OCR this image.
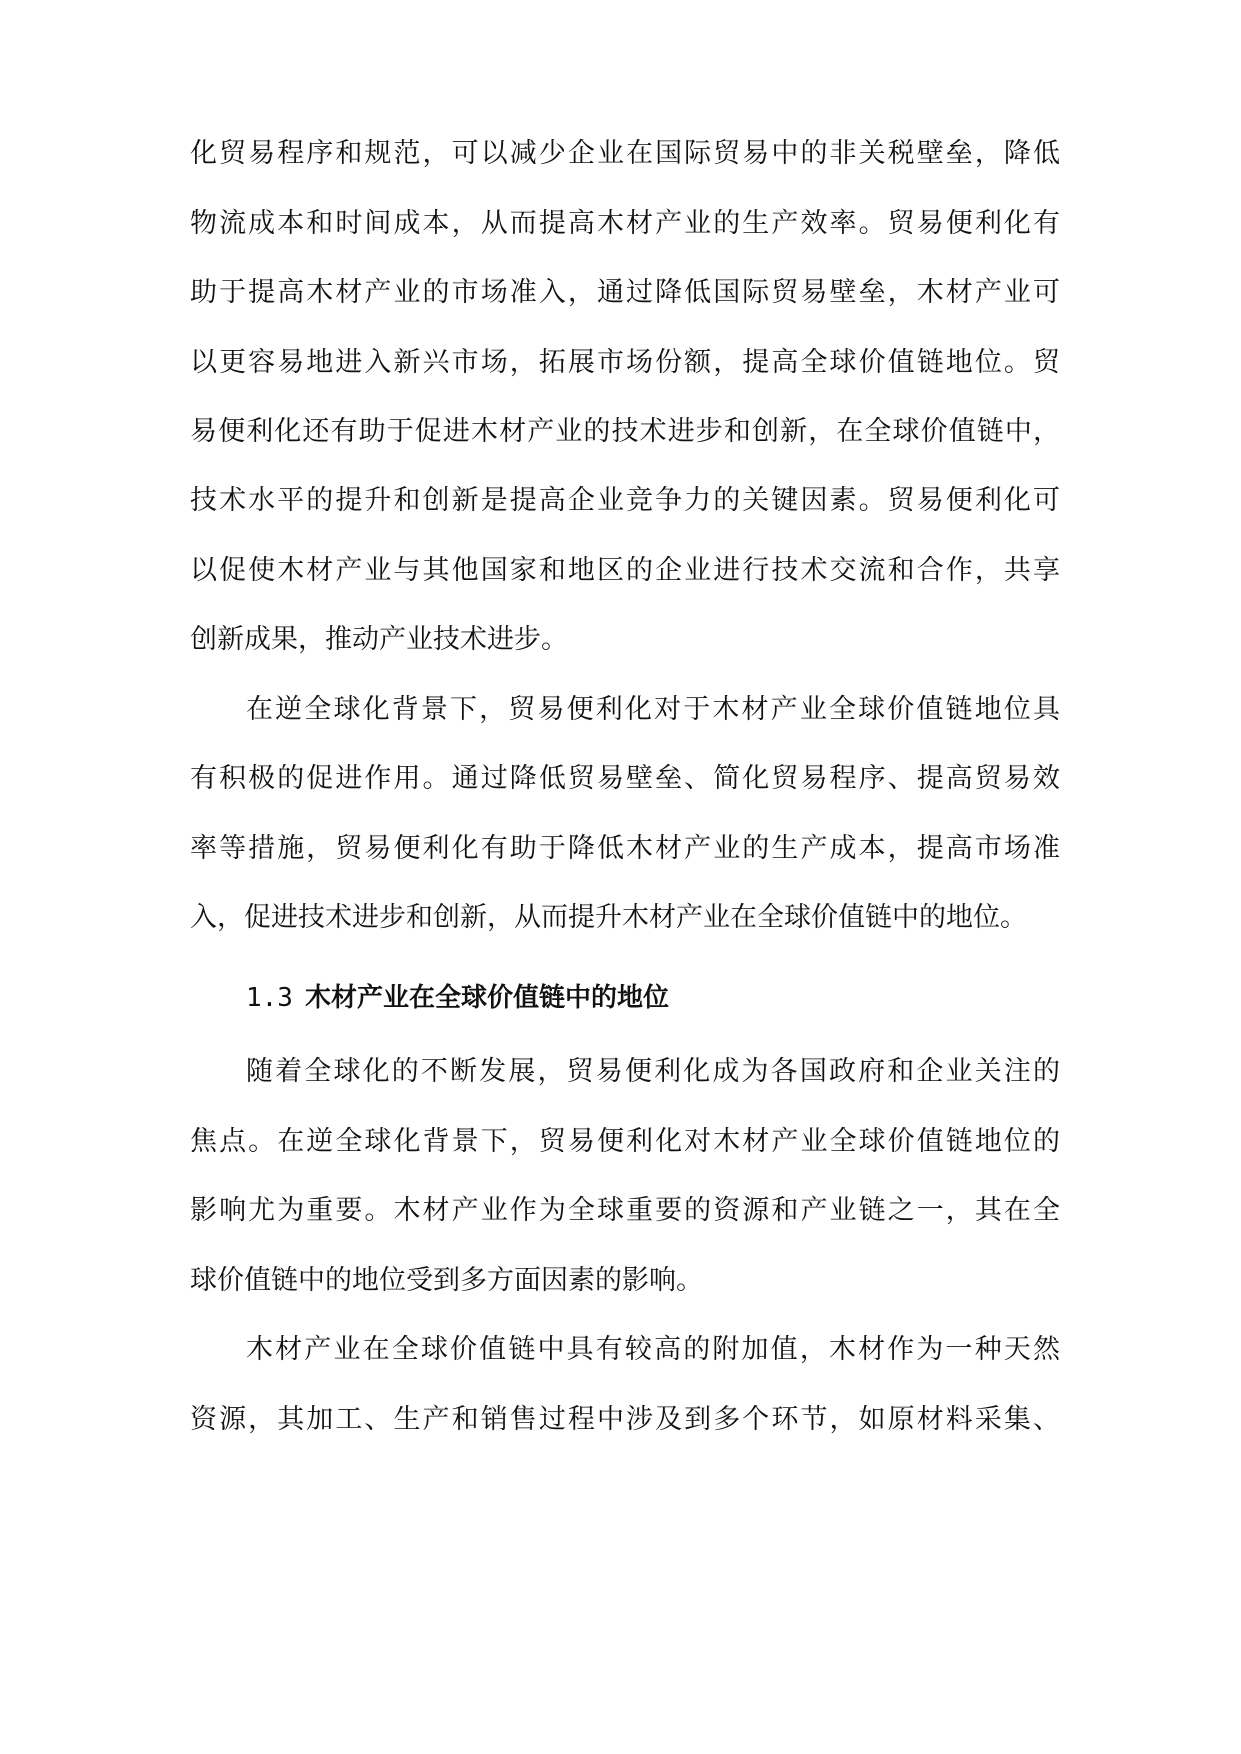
化贸易程序和规范，可以减少企业在国际贸易中的非关税壁垒，降低
物流成本和时间成本，从而提高木材产业的生产效率。贸易便利化有
助于提高木材产业的市场准入，通过降低国际贸易壁垒，木材产业可
以更容易地进入新兴市场，拓展市场份额，提高全球价值链地位。贸
易便利化还有助于促进木材产业的技术进步和创新，在全球价值链中，
技术水平的提升和创新是提高企业竞争力的关键因素。贸易便利化可
以促使木材产业与其他国家和地区的企业进行技术交流和合作，共享
创新成果，推动产业技术进步。
在逆全球化背景下，贸易便利化对于木材产业全球价值链地位具
有积极的促进作用。通过降低贸易壁垒、简化贸易程序、提高贸易效
率等措施，贸易便利化有助于降低木材产业的生产成本，提高市场准
入，促进技术进步和创新，从而提升木材产业在全球价值链中的地位。
1.3 木材产业在全球价值链中的地位
随着全球化的不断发展，贸易便利化成为各国政府和企业关注的
焦点。在逆全球化背景下，贸易便利化对木材产业全球价值链地位的
影响尤为重要。木材产业作为全球重要的资源和产业链之一，其在全
球价值链中的地位受到多方面因素的影响。
木材产业在全球价值链中具有较高的附加值，木材作为一种天然
资源，其加工、生产和销售过程中涉及到多个环节，如原材料采集、
